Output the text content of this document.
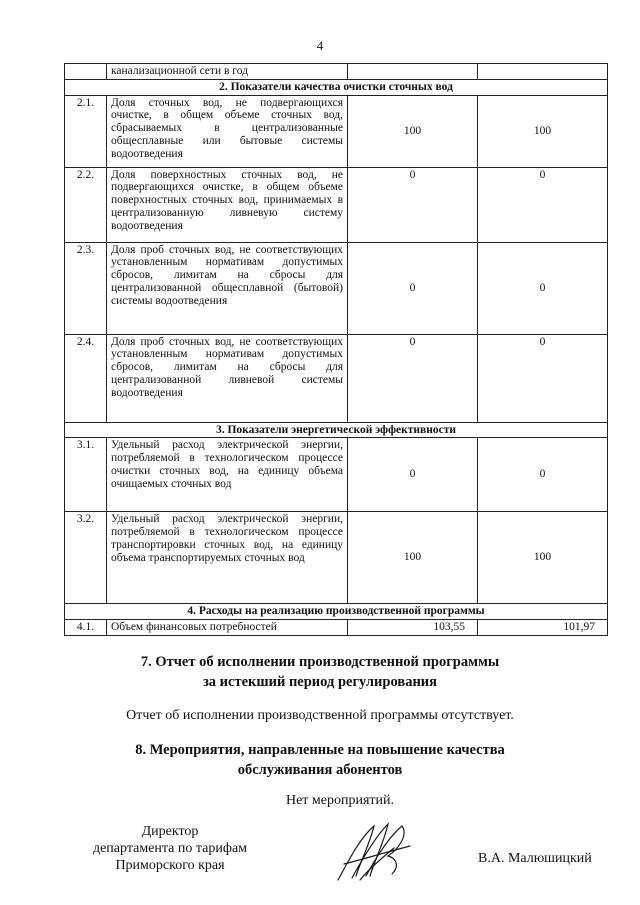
4
	канализационной сети в год		
2. Показатели качества очистки сточных вод			
2.1.	Доля сточных вод, не подвергающихся очистке, в общем объеме сточных вод, сбрасываемых в централизованные общесплавные или бытовые системы водоотведения	100	100
2.2.	Доля поверхностных сточных вод, не подвергающихся очистке, в общем объеме поверхностных сточных вод, принимаемых в централизованную ливневую систему водоотведения	0	0
2.3.	Доля проб сточных вод, не соответствующих установленным нормативам допустимых сбросов, лимитам на сбросы для централизованной общесплавной (бытовой) системы водоотведения	0	0
2.4.	Доля проб сточных вод, не соответствующих установленным нормативам допустимых сбросов, лимитам на сбросы для централизованной ливневой системы водоотведения	0	0
3. Показатели энергетической эффективности			
3.1.	Удельный расход электрической энергии, потребляемой в технологическом процессе очистки сточных вод, на единицу объема очищаемых сточных вод	0	0
3.2.	Удельный расход электрической энергии, потребляемой в технологическом процессе транспортировки сточных вод, на единицу объема транспортируемых сточных вод	100	100
4. Расходы на реализацию производственной программы			
4.1.	Объем финансовых потребностей	103,55	101,97
7. Отчет об исполнении производственной программы
за истекший период регулирования
Отчет об исполнении производственной программы отсутствует.
8. Мероприятия, направленные на повышение качества
обслуживания абонентов
Нет мероприятий.
Директор
департамента по тарифам
Приморского края	В.А. Малюшицкий
